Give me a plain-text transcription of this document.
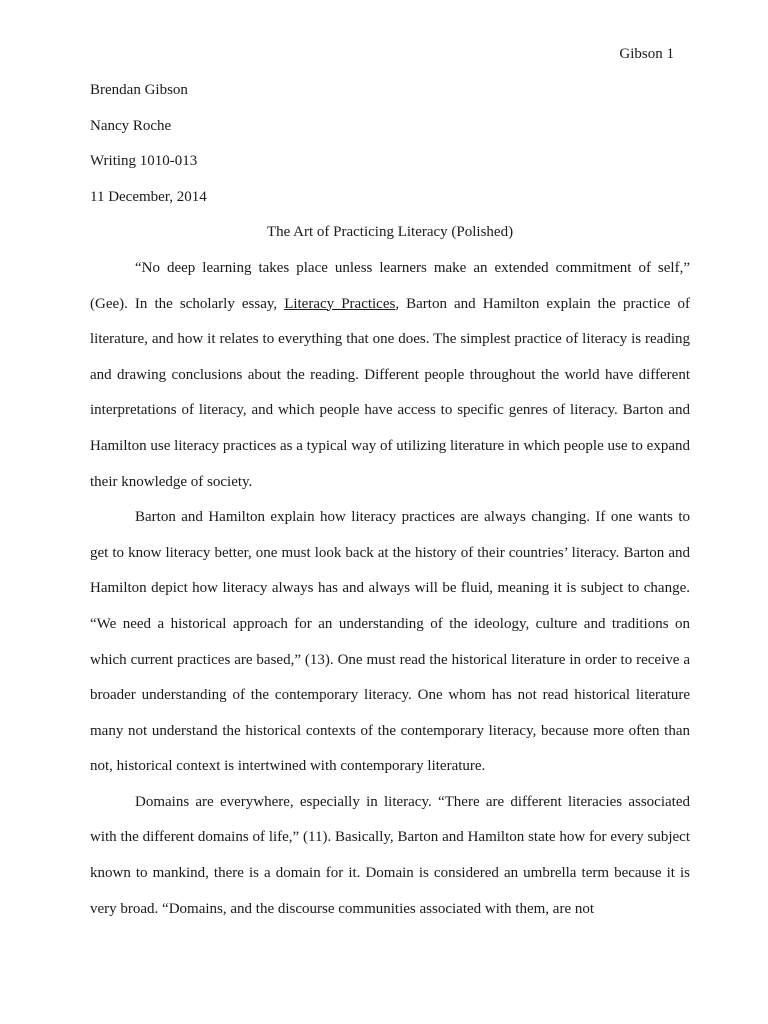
Gibson 1

Brendan Gibson

Nancy Roche

Writing 1010-013

11 December, 2014

The Art of Practicing Literacy (Polished)

“No deep learning takes place unless learners make an extended commitment of self,” (Gee). In the scholarly essay, Literacy Practices, Barton and Hamilton explain the practice of literature, and how it relates to everything that one does. The simplest practice of literacy is reading and drawing conclusions about the reading. Different people throughout the world have different interpretations of literacy, and which people have access to specific genres of literacy. Barton and Hamilton use literacy practices as a typical way of utilizing literature in which people use to expand their knowledge of society.

Barton and Hamilton explain how literacy practices are always changing. If one wants to get to know literacy better, one must look back at the history of their countries’ literacy. Barton and Hamilton depict how literacy always has and always will be fluid, meaning it is subject to change. “We need a historical approach for an understanding of the ideology, culture and traditions on which current practices are based,” (13). One must read the historical literature in order to receive a broader understanding of the contemporary literacy. One whom has not read historical literature many not understand the historical contexts of the contemporary literacy, because more often than not, historical context is intertwined with contemporary literature.

Domains are everywhere, especially in literacy. “There are different literacies associated with the different domains of life,” (11). Basically, Barton and Hamilton state how for every subject known to mankind, there is a domain for it. Domain is considered an umbrella term because it is very broad. “Domains, and the discourse communities associated with them, are not
